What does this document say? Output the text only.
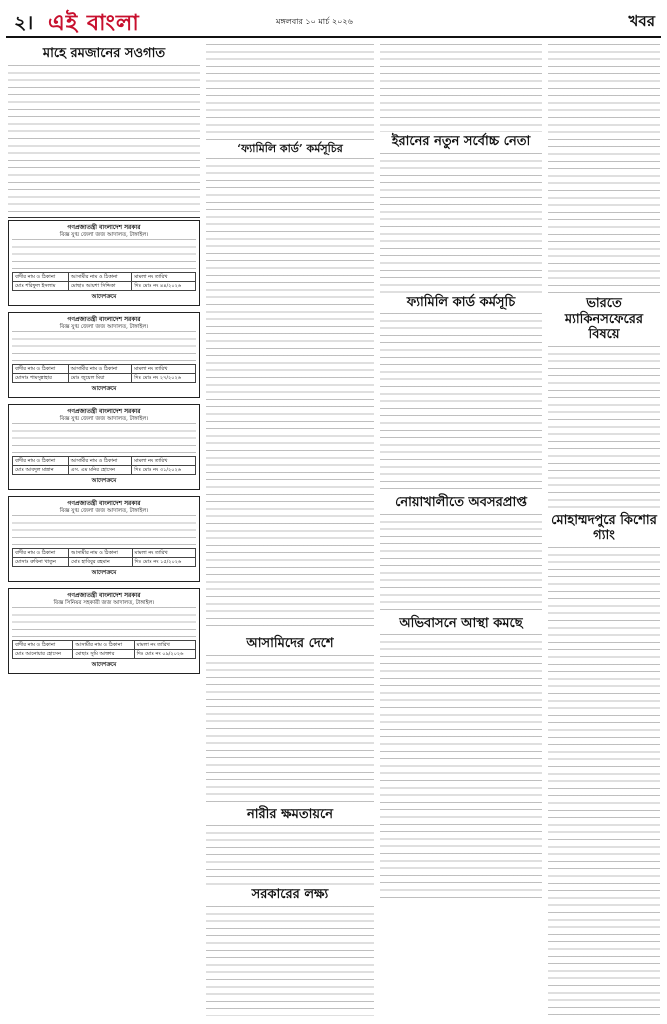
২। এই বাংলা	মঙ্গলবার ১০ মার্চ ২০২৬	খবর
মাহে রমজানের সওগাত
গণপ্রজাতন্ত্রী বাংলাদেশ সরকার
বিজ্ঞ যুগ্ম জেলা জজ আদালত, টাঙ্গাইল।
বাদীর নাম ও ঠিকানা	আসামীর নাম ও ঠিকানা	মামলা নং তারিখ
মোঃ শরিফুল ইসলাম	মোছাঃ আয়শা সিদ্দিকা	দিঃ মোঃ নং ৪৪/২০২৬
আদেশক্রমে
গণপ্রজাতন্ত্রী বাংলাদেশ সরকার
বিজ্ঞ যুগ্ম জেলা জজ আদালত, টাঙ্গাইল।
বাদীর নাম ও ঠিকানা	আসামীর নাম ও ঠিকানা	মামলা নং তারিখ
মোসাঃ শামসুন্নাহার	মোঃ জুয়েল মিয়া	দিঃ মোঃ নং ২৭/২০২৬
আদেশক্রমে
গণপ্রজাতন্ত্রী বাংলাদেশ সরকার
বিজ্ঞ যুগ্ম জেলা জজ আদালত, টাঙ্গাইল।
বাদীর নাম ও ঠিকানা	আসামীর নাম ও ঠিকানা	মামলা নং তারিখ
মোঃ আবদুল মান্নান	এস. এম মনির হোসেন	দিঃ মোঃ নং ৩১/২০২৬
আদেশক্রমে
গণপ্রজাতন্ত্রী বাংলাদেশ সরকার
বিজ্ঞ যুগ্ম জেলা জজ আদালত, টাঙ্গাইল।
বাদীর নাম ও ঠিকানা	আসামীর নাম ও ঠিকানা	মামলা নং তারিখ
মোসাঃ রুবিনা খাতুন	মোঃ হাবিবুর রহমান	দিঃ মোঃ নং ১৫/২০২৬
আদেশক্রমে
গণপ্রজাতন্ত্রী বাংলাদেশ সরকার
বিজ্ঞ সিনিয়র সহকারী জজ আদালত, টাঙ্গাইল।
বাদীর নাম ও ঠিকানা	আসামীর নাম ও ঠিকানা	মামলা নং তারিখ
মোঃ আনোয়ার হোসেন	মোছাঃ সুমি আক্তার	দিঃ মোঃ নং ০৯/২০২৬
আদেশক্রমে
‘ফ্যামিলি কার্ড’ কর্মসূচির
আসামিদের দেশে
নারীর ক্ষমতায়নে
সরকারের লক্ষ্য
ইরানের নতুন সর্বোচ্চ নেতা
ফ্যামিলি কার্ড কর্মসূচি
নোয়াখালীতে অবসরপ্রাপ্ত
অভিবাসনে আস্থা কমছে
ভারতে ম্যাকিনসফেরের বিষয়ে
মোহাম্মদপুরে কিশোর গ্যাং
